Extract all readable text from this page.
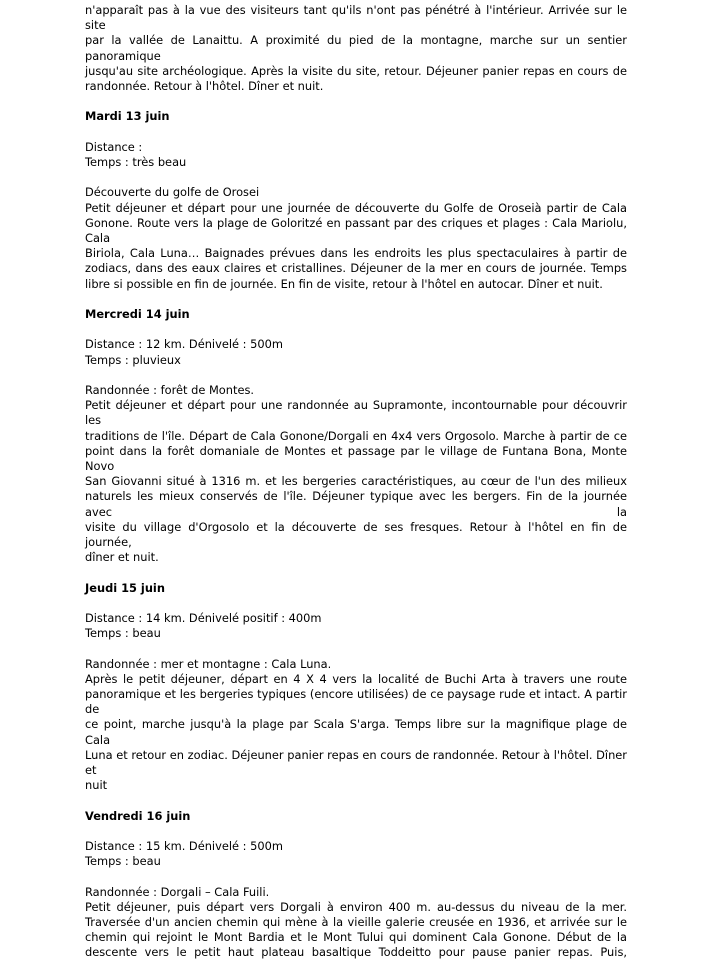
n'apparaît pas à la vue des visiteurs tant qu'ils n'ont pas pénétré à l'intérieur. Arrivée sur le site
par la vallée de Lanaittu. A proximité du pied de la montagne, marche sur un sentier panoramique
jusqu'au site archéologique. Après la visite du site, retour. Déjeuner panier repas en cours de
randonnée. Retour à l'hôtel. Dîner et nuit.

Mardi 13 juin

Distance :

Temps : très beau

Découverte du golfe de Orosei

Petit déjeuner et départ pour une journée de découverte du Golfe de Oroseià partir de Cala
Gonone. Route vers la plage de Goloritzé en passant par des criques et plages : Cala Mariolu, Cala
Biriola, Cala Luna… Baignades prévues dans les endroits les plus spectaculaires à partir de
zodiacs, dans des eaux claires et cristallines. Déjeuner de la mer en cours de journée. Temps
libre si possible en fin de journée. En fin de visite, retour à l'hôtel en autocar. Dîner et nuit.

Mercredi 14 juin

Distance : 12 km. Dénivelé : 500m

Temps : pluvieux

Randonnée : forêt de Montes.

Petit déjeuner et départ pour une randonnée au Supramonte, incontournable pour découvrir les
traditions de l'île. Départ de Cala Gonone/Dorgali en 4x4 vers Orgosolo. Marche à partir de ce
point dans la forêt domaniale de Montes et passage par le village de Funtana Bona, Monte Novo
San Giovanni situé à 1316 m. et les bergeries caractéristiques, au cœur de l'un des milieux
naturels les mieux conservés de l'île. Déjeuner typique avec les bergers. Fin de la journée avec la
visite du village d'Orgosolo et la découverte de ses fresques. Retour à l'hôtel en fin de journée,
dîner et nuit.

Jeudi 15 juin

Distance : 14 km. Dénivelé positif : 400m

Temps : beau

Randonnée : mer et montagne : Cala Luna.

Après le petit déjeuner, départ en 4 X 4 vers la localité de Buchi Arta à travers une route
panoramique et les bergeries typiques (encore utilisées) de ce paysage rude et intact. A partir de
ce point, marche jusqu'à la plage par Scala S'arga. Temps libre sur la magnifique plage de Cala
Luna et retour en zodiac. Déjeuner panier repas en cours de randonnée. Retour à l'hôtel. Dîner et
nuit

Vendredi 16 juin

Distance : 15 km. Dénivelé : 500m

Temps : beau

Randonnée : Dorgali – Cala Fuili.

Petit déjeuner, puis départ vers Dorgali à environ 400 m. au-dessus du niveau de la mer.
Traversée d'un ancien chemin qui mène à la vieille galerie creusée en 1936, et arrivée sur le
chemin qui rejoint le Mont Bardia et le Mont Tului qui dominent Cala Gonone. Début de la
descente vers le petit haut plateau basaltique Toddeitto pour pause panier repas. Puis,
